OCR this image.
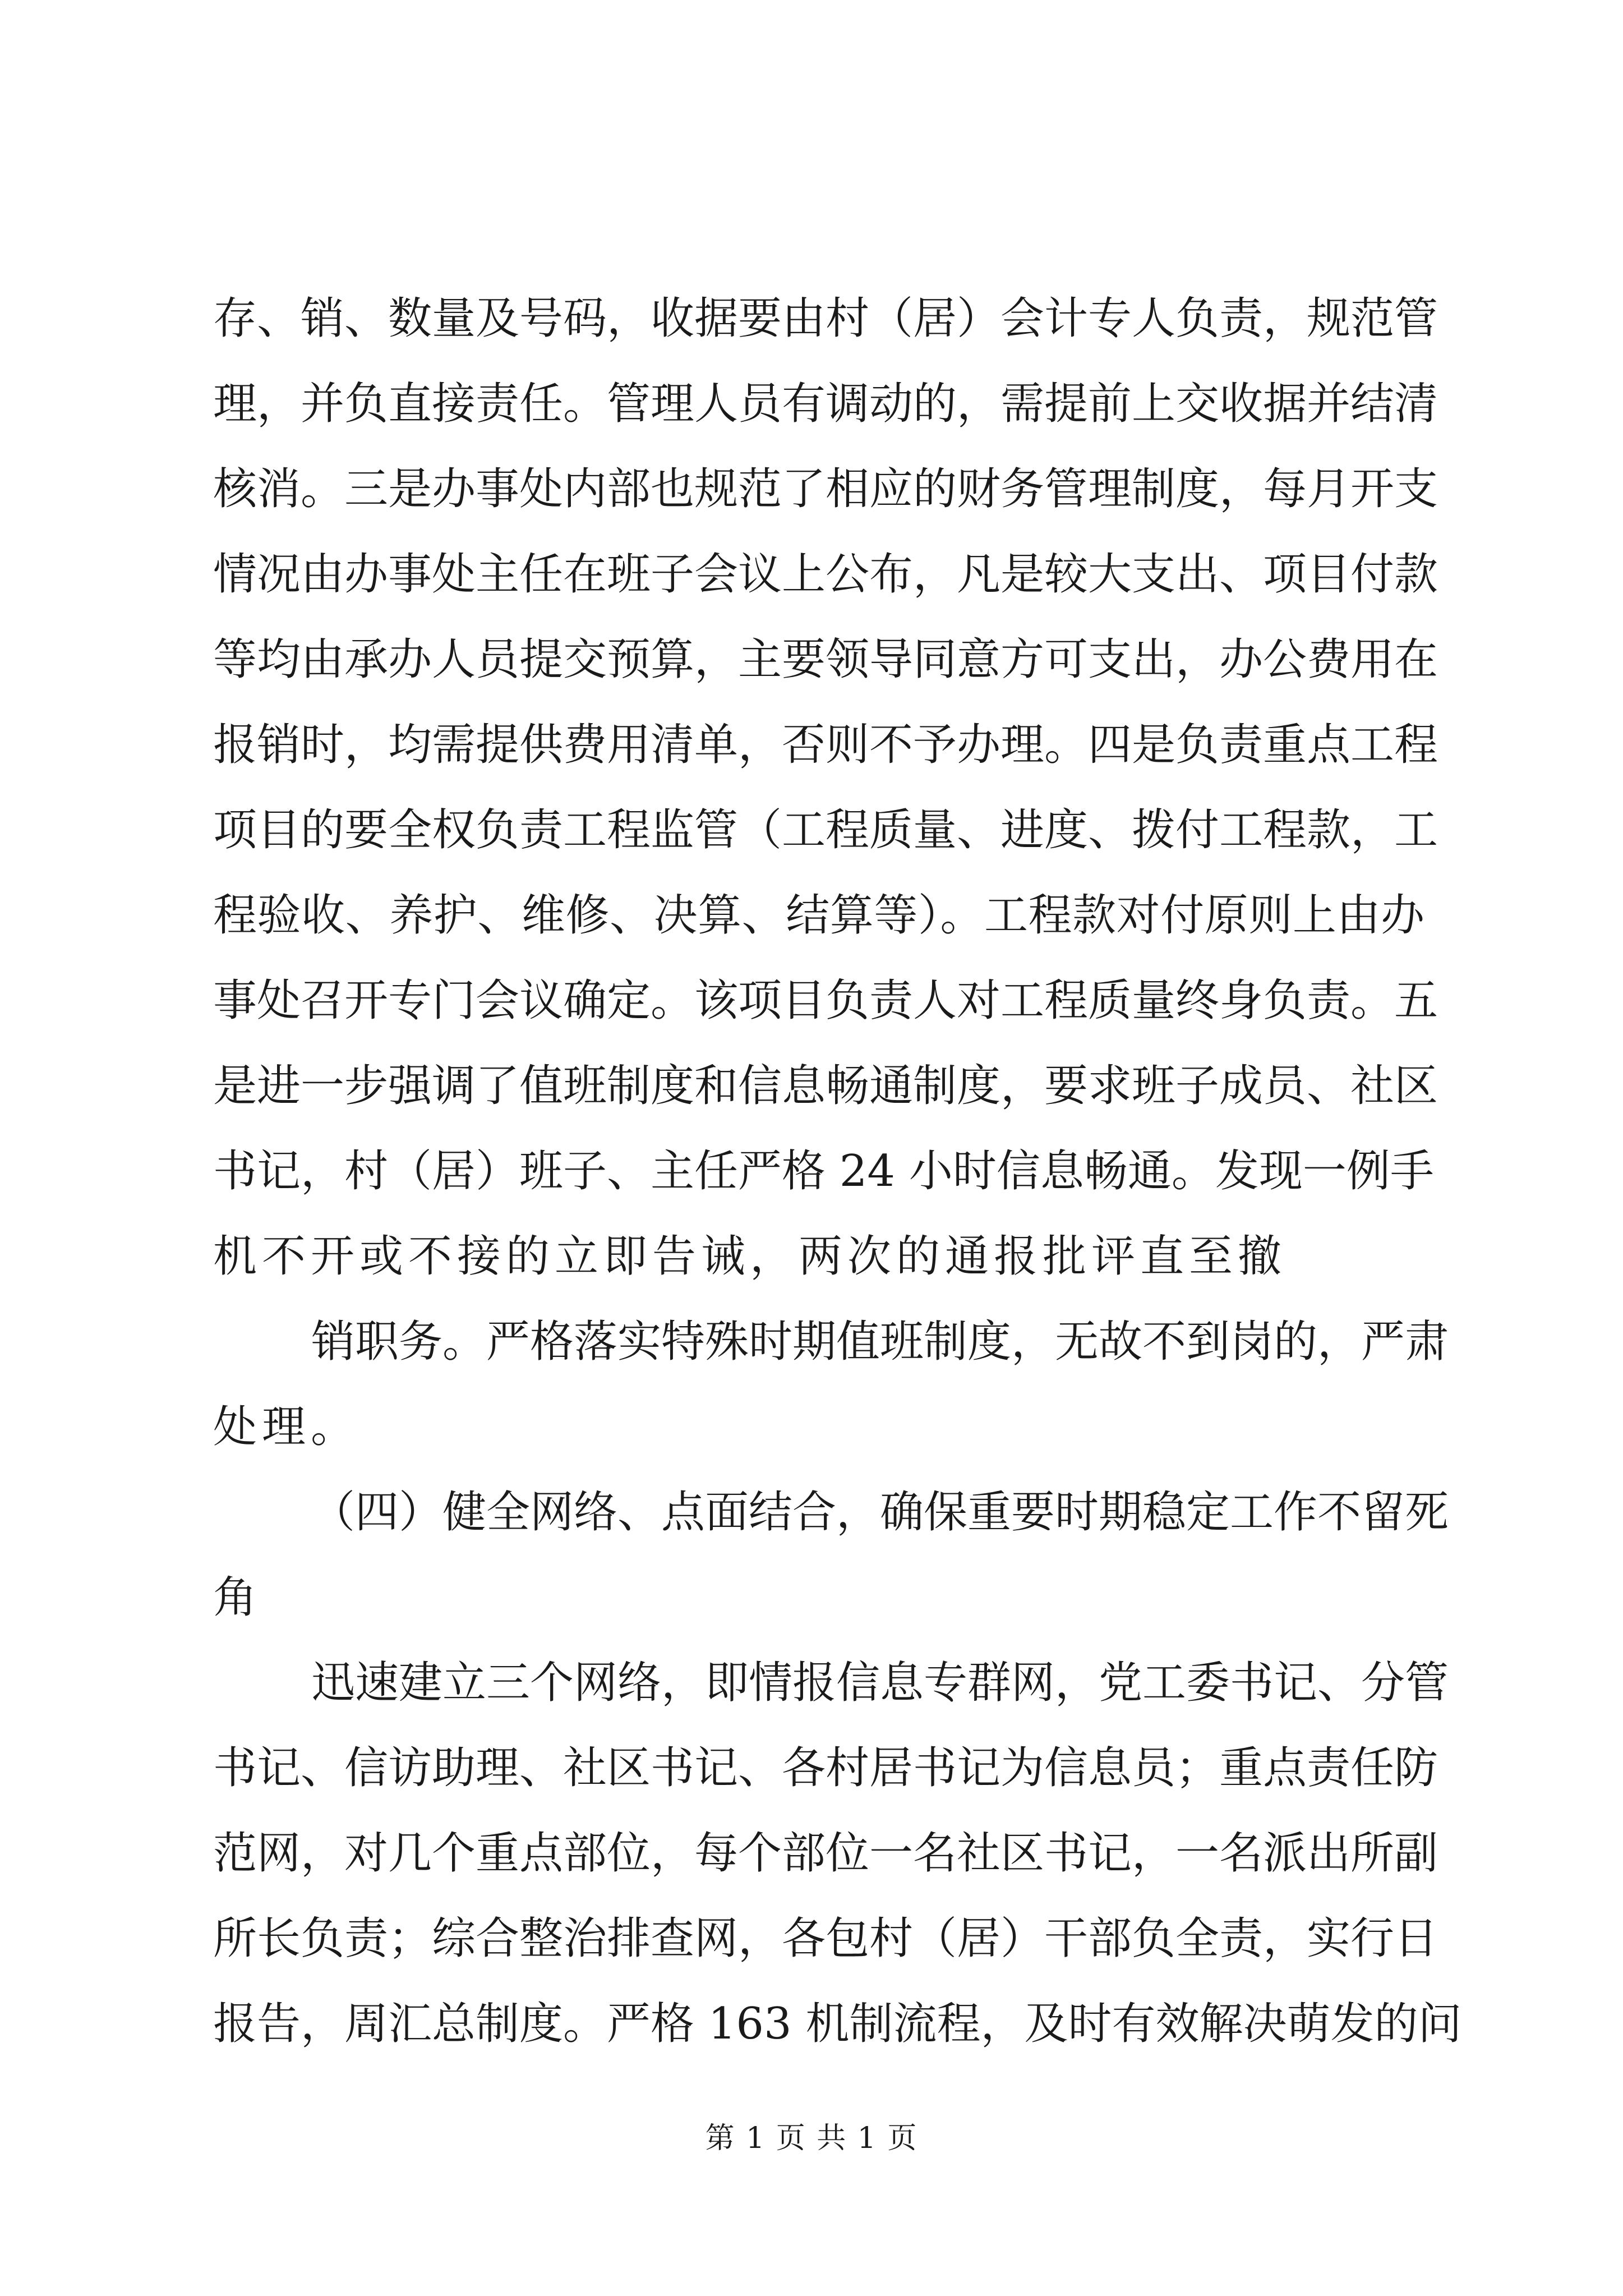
存、销、数量及号码，收据要由村（居）会计专人负责，规范管
理，并负直接责任。管理人员有调动的，需提前上交收据并结清
核消。三是办事处内部也规范了相应的财务管理制度，每月开支
情况由办事处主任在班子会议上公布，凡是较大支出、项目付款
等均由承办人员提交预算，主要领导同意方可支出，办公费用在
报销时，均需提供费用清单，否则不予办理。四是负责重点工程
项目的要全权负责工程监管（工程质量、进度、拨付工程款，工
程验收、养护、维修、决算、结算等）。工程款对付原则上由办
事处召开专门会议确定。该项目负责人对工程质量终身负责。五
是进一步强调了值班制度和信息畅通制度，要求班子成员、社区
书记，村（居）班子、主任严格 24 小时信息畅通。发现一例手
机不开或不接的立即告诫，两次的通报批评直至撤
销职务。严格落实特殊时期值班制度，无故不到岗的，严肃
处理。
（四）健全网络、点面结合，确保重要时期稳定工作不留死
角
迅速建立三个网络，即情报信息专群网，党工委书记、分管
书记、信访助理、社区书记、各村居书记为信息员；重点责任防
范网，对几个重点部位，每个部位一名社区书记，一名派出所副
所长负责；综合整治排查网，各包村（居）干部负全责，实行日
报告，周汇总制度。严格 163 机制流程，及时有效解决萌发的问
第 1 页 共 1 页
